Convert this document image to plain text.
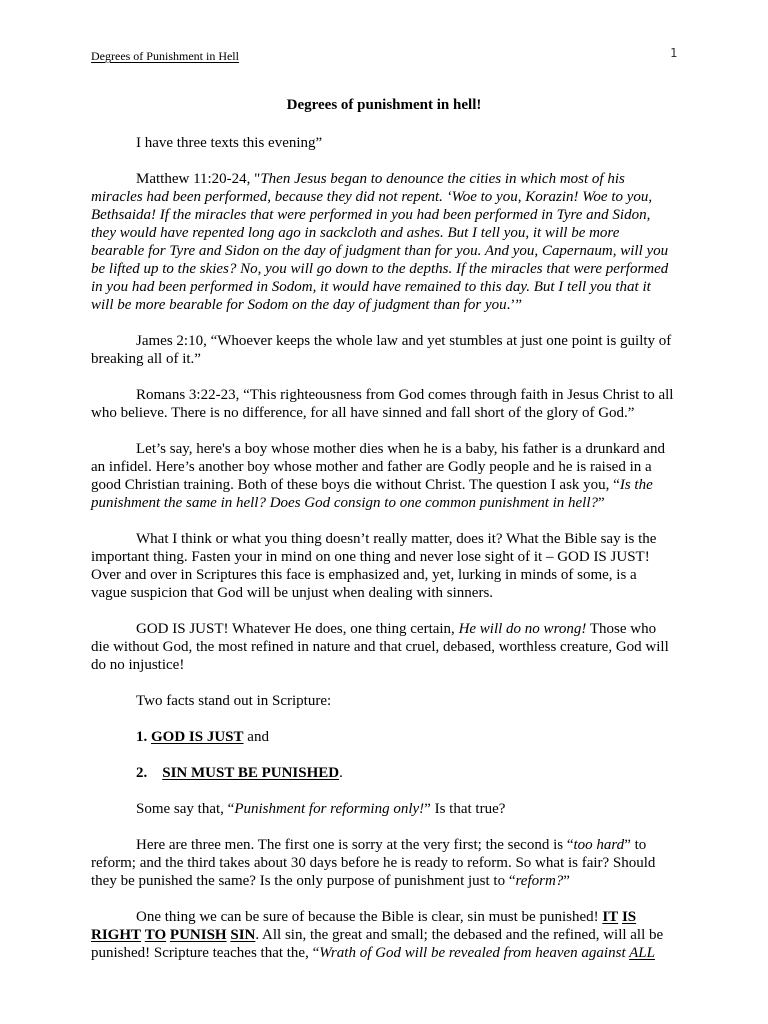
Degrees of Punishment in Hell	1
Degrees of punishment in hell!

I have three texts this evening”

Matthew 11:20-24, "Then Jesus began to denounce the cities in which most of his miracles had been performed, because they did not repent. ‘Woe to you, Korazin! Woe to you, Bethsaida! If the miracles that were performed in you had been performed in Tyre and Sidon, they would have repented long ago in sackcloth and ashes. But I tell you, it will be more bearable for Tyre and Sidon on the day of judgment than for you. And you, Capernaum, will you be lifted up to the skies? No, you will go down to the depths. If the miracles that were performed in you had been performed in Sodom, it would have remained to this day. But I tell you that it will be more bearable for Sodom on the day of judgment than for you.’”

James 2:10, “Whoever keeps the whole law and yet stumbles at just one point is guilty of breaking all of it.”

Romans 3:22-23, “This righteousness from God comes through faith in Jesus Christ to all who believe. There is no difference, for all have sinned and fall short of the glory of God.”

Let’s say, here's a boy whose mother dies when he is a baby, his father is a drunkard and an infidel. Here’s another boy whose mother and father are Godly people and he is raised in a good Christian training. Both of these boys die without Christ. The question I ask you, “Is the punishment the same in hell? Does God consign to one common punishment in hell?”

What I think or what you thing doesn’t really matter, does it? What the Bible say is the important thing. Fasten your in mind on one thing and never lose sight of it – GOD IS JUST! Over and over in Scriptures this face is emphasized and, yet, lurking in minds of some, is a vague suspicion that God will be unjust when dealing with sinners.

GOD IS JUST! Whatever He does, one thing certain, He will do no wrong! Those who die without God, the most refined in nature and that cruel, debased, worthless creature, God will do no injustice!

Two facts stand out in Scripture:

1. GOD IS JUST and

2. SIN MUST BE PUNISHED.

Some say that, “Punishment for reforming only!” Is that true?

Here are three men. The first one is sorry at the very first; the second is “too hard” to reform; and the third takes about 30 days before he is ready to reform. So what is fair? Should they be punished the same? Is the only purpose of punishment just to “reform?”

One thing we can be sure of because the Bible is clear, sin must be punished! IT IS RIGHT TO PUNISH SIN. All sin, the great and small; the debased and the refined, will all be punished! Scripture teaches that the, “Wrath of God will be revealed from heaven against ALL
